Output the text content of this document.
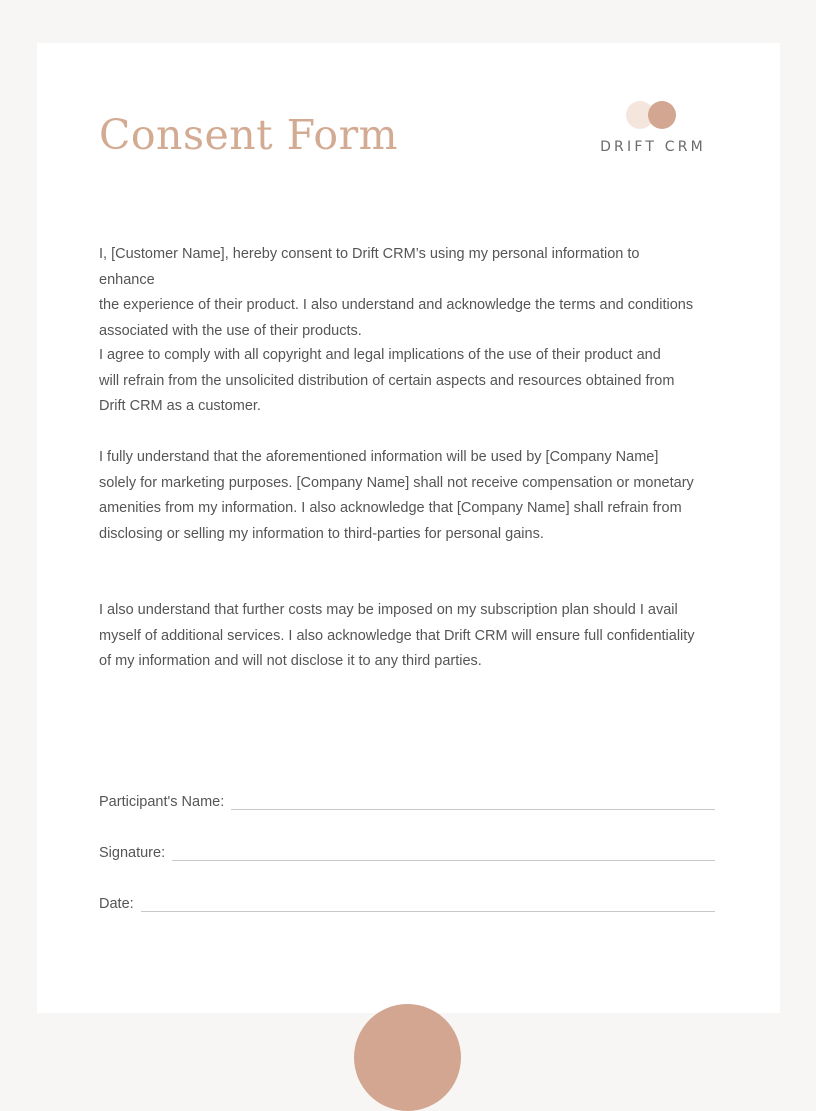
Consent Form	DRIFT CRM

I, [Customer Name], hereby consent to Drift CRM’s using my personal information to enhance
the experience of their product. I also understand and acknowledge the terms and conditions
associated with the use of their products.

I agree to comply with all copyright and legal implications of the use of their product and
will refrain from the unsolicited distribution of certain aspects and resources obtained from
Drift CRM as a customer.

I fully understand that the aforementioned information will be used by [Company Name]
solely for marketing purposes. [Company Name] shall not receive compensation or monetary
amenities from my information. I also acknowledge that [Company Name] shall refrain from
disclosing or selling my information to third-parties for personal gains.

I also understand that further costs may be imposed on my subscription plan should I avail
myself of additional services. I also acknowledge that Drift CRM will ensure full confidentiality
of my information and will not disclose it to any third parties.

Participant's Name:
Signature:
Date:
